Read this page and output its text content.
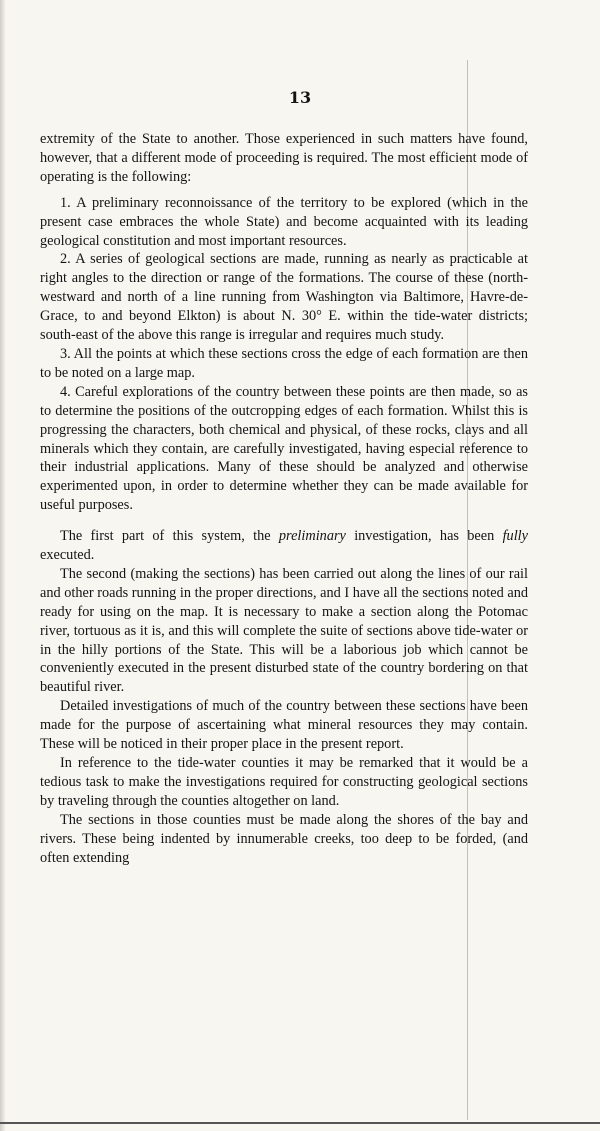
13

extremity of the State to another. Those experienced in such matters have found, however, that a different mode of proceeding is required. The most efficient mode of operating is the following:

1. A preliminary reconnoissance of the territory to be explored (which in the present case embraces the whole State) and become acquainted with its leading geological constitution and most important resources.

2. A series of geological sections are made, running as nearly as practicable at right angles to the direction or range of the formations. The course of these (north-westward and north of a line running from Washington via Baltimore, Havre-de-Grace, to and beyond Elkton) is about N. 30° E. within the tide-water districts; south-east of the above this range is irregular and requires much study.

3. All the points at which these sections cross the edge of each formation are then to be noted on a large map.

4. Careful explorations of the country between these points are then made, so as to determine the positions of the outcropping edges of each formation. Whilst this is progressing the characters, both chemical and physical, of these rocks, clays and all minerals which they contain, are carefully investigated, having especial reference to their industrial applications. Many of these should be analyzed and otherwise experimented upon, in order to determine whether they can be made available for useful purposes.

The first part of this system, the preliminary investigation, has been fully executed.

The second (making the sections) has been carried out along the lines of our rail and other roads running in the proper directions, and I have all the sections noted and ready for using on the map. It is necessary to make a section along the Potomac river, tortuous as it is, and this will complete the suite of sections above tide-water or in the hilly portions of the State. This will be a laborious job which cannot be conveniently executed in the present disturbed state of the country bordering on that beautiful river.

Detailed investigations of much of the country between these sections have been made for the purpose of ascertaining what mineral resources they may contain. These will be noticed in their proper place in the present report.

In reference to the tide-water counties it may be remarked that it would be a tedious task to make the investigations required for constructing geological sections by traveling through the counties altogether on land.

The sections in those counties must be made along the shores of the bay and rivers. These being indented by innumerable creeks, too deep to be forded, (and often extending
